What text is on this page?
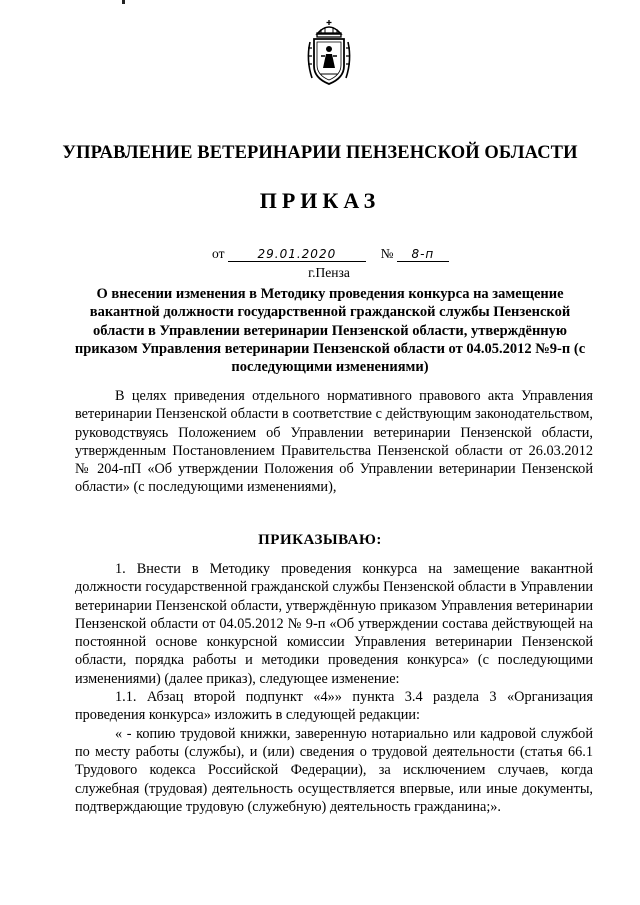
УПРАВЛЕНИЕ ВЕТЕРИНАРИИ ПЕНЗЕНСКОЙ ОБЛАСТИ
ПРИКАЗ
от	29.01.2020	№ 8-п
г.Пенза
О внесении изменения в Методику проведения конкурса на замещение вакантной должности государственной гражданской службы Пензенской области в Управлении ветеринарии Пензенской области, утверждённую приказом Управления ветеринарии Пензенской области от 04.05.2012 №9-п (с последующими изменениями)

В целях приведения отдельного нормативного правового акта Управления ветеринарии Пензенской области в соответствие с действующим законодательством, руководствуясь Положением об Управлении ветеринарии Пензенской области, утвержденным Постановлением Правительства Пензенской области от 26.03.2012 № 204-пП «Об утверждении Положения об Управлении ветеринарии Пензенской области» (с последующими изменениями),

ПРИКАЗЫВАЮ:

1. Внести в Методику проведения конкурса на замещение вакантной должности государственной гражданской службы Пензенской области в Управлении ветеринарии Пензенской области, утверждённую приказом Управления ветеринарии Пензенской области от 04.05.2012 № 9-п «Об утверждении состава действующей на постоянной основе конкурсной комиссии Управления ветеринарии Пензенской области, порядка работы и методики проведения конкурса» (с последующими изменениями) (далее приказ), следующее изменение:

1.1. Абзац второй подпункт «4»» пункта 3.4 раздела 3 «Организация проведения конкурса» изложить в следующей редакции:

« - копию трудовой книжки, заверенную нотариально или кадровой службой по месту работы (службы), и (или) сведения о трудовой деятельности (статья 66.1 Трудового кодекса Российской Федерации), за исключением случаев, когда служебная (трудовая) деятельность осуществляется впервые, или иные документы, подтверждающие трудовую (служебную) деятельность гражданина;».
